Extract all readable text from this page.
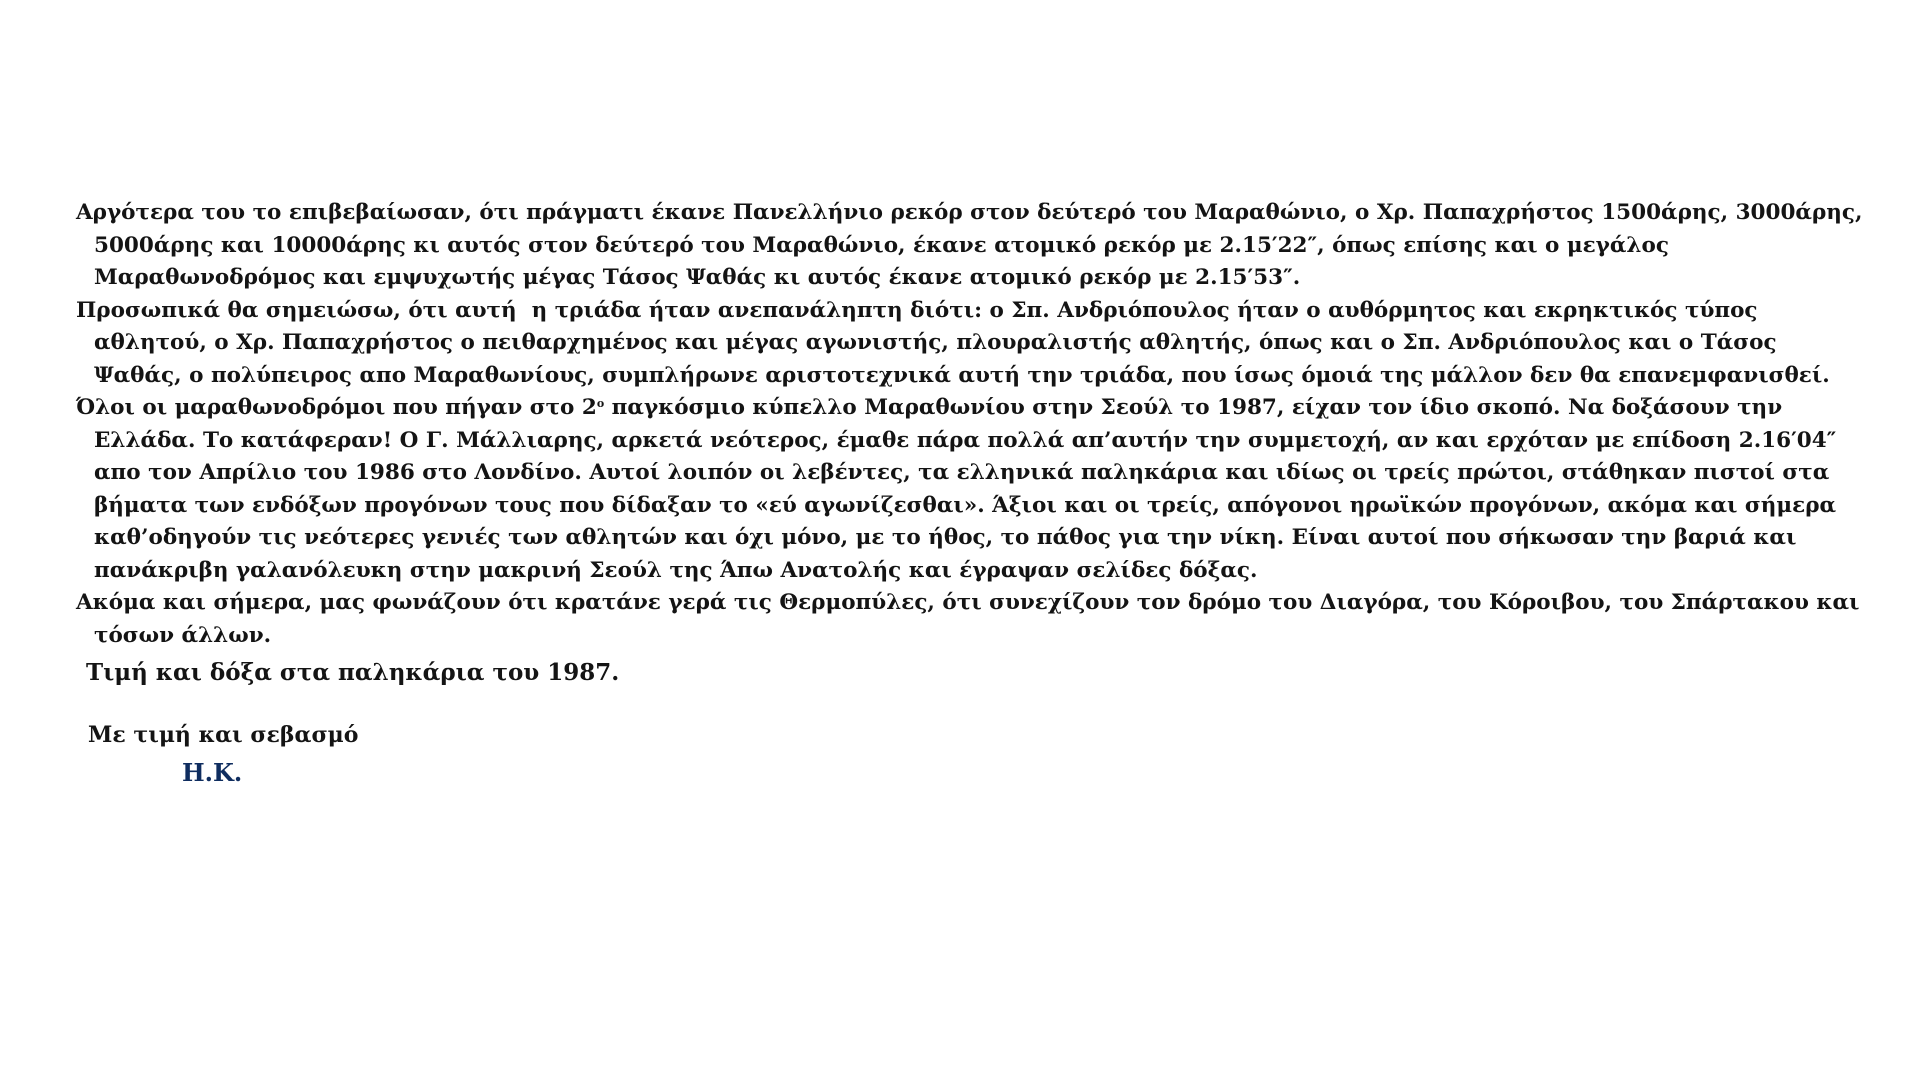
Αργότερα του το επιβεβαίωσαν, ότι πράγματι έκανε Πανελλήνιο ρεκόρ στον δεύτερό του Μαραθώνιο, ο Χρ. Παπαχρήστος 1500άρης, 3000άρης, 5000άρης και 10000άρης κι αυτός στον δεύτερό του Μαραθώνιο, έκανε ατομικό ρεκόρ με 2.15′22″, όπως επίσης και ο μεγάλος Μαραθωνοδρόμος και εμψυχωτής μέγας Τάσος Ψαθάς κι αυτός έκανε ατομικό ρεκόρ με 2.15′53″.

Προσωπικά θα σημειώσω, ότι αυτή  η τριάδα ήταν ανεπανάληπτη διότι: ο Σπ. Ανδριόπουλος ήταν ο αυθόρμητος και εκρηκτικός τύπος αθλητού, ο Χρ. Παπαχρήστος ο πειθαρχημένος και μέγας αγωνιστής, πλουραλιστής αθλητής, όπως και ο Σπ. Ανδριόπουλος και ο Τάσος Ψαθάς, ο πολύπειρος απο Μαραθωνίους, συμπλήρωνε αριστοτεχνικά αυτή την τριάδα, που ίσως όμοιά της μάλλον δεν θα επανεμφανισθεί.

Όλοι οι μαραθωνοδρόμοι που πήγαν στο $2^o$ παγκόσμιο κύπελλο Μαραθωνίου στην Σεούλ το 1987, είχαν τον ίδιο σκοπό. Να δοξάσουν την Ελλάδα. Το κατάφεραν! Ο Γ. Μάλλιαρης, αρκετά νεότερος, έμαθε πάρα πολλά απ’αυτήν την συμμετοχή, αν και ερχόταν με επίδοση 2.16′04″ απο τον Απρίλιο του 1986 στο Λονδίνο. Αυτοί λοιπόν οι λεβέντες, τα ελληνικά παληκάρια και ιδίως οι τρείς πρώτοι, στάθηκαν πιστοί στα βήματα των ενδόξων προγόνων τους που δίδαξαν το «εύ αγωνίζεσθαι». Άξιοι και οι τρείς, απόγονοι ηρωϊκών προγόνων, ακόμα και σήμερα καθ’οδηγούν τις νεότερες γενιές των αθλητών και όχι μόνο, με το ήθος, το πάθος για την νίκη. Είναι αυτοί που σήκωσαν την βαριά και πανάκριβη γαλανόλευκη στην μακρινή Σεούλ της Άπω Ανατολής και έγραψαν σελίδες δόξας.

Ακόμα και σήμερα, μας φωνάζουν ότι κρατάνε γερά τις Θερμοπύλες, ότι συνεχίζουν τον δρόμο του Διαγόρα, του Κόροιβου, του Σπάρτακου και τόσων άλλων.

Τιμή και δόξα στα παληκάρια του 1987.

Με τιμή και σεβασμό

Η.Κ.
